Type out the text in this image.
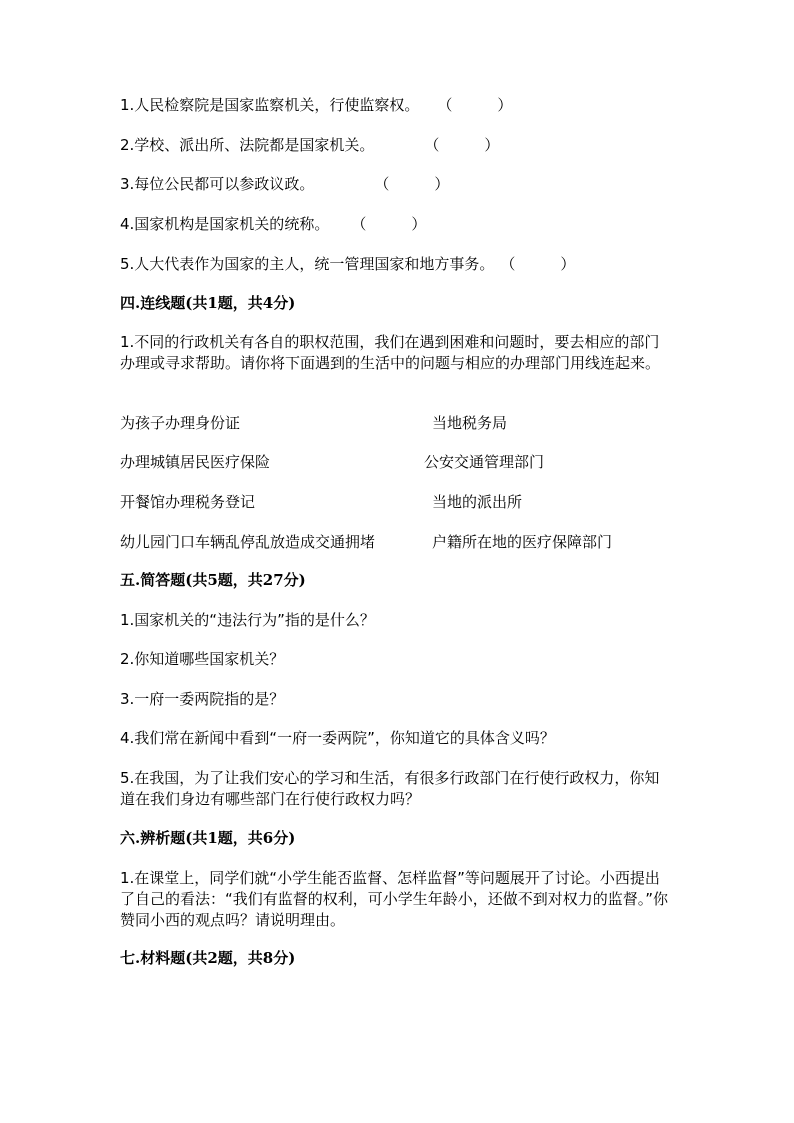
1.人民检察院是国家监察机关，行使监察权。 （　　　）
2.学校、派出所、法院都是国家机关。	（　　　）
3.每位公民都可以参政议政。	（　　　）
4.国家机构是国家机关的统称。 （　　　）
5.人大代表作为国家的主人，统一管理国家和地方事务。 （　　　）
四.连线题(共1题，共4分)
1.不同的行政机关有各自的职权范围，我们在遇到困难和问题时，要去相应的部门办理或寻求帮助。请你将下面遇到的生活中的问题与相应的办理部门用线连起来。
为孩子办理身份证
办理城镇居民医疗保险
开餐馆办理税务登记
幼儿园门口车辆乱停乱放造成交通拥堵
当地税务局
公安交通管理部门
当地的派出所
户籍所在地的医疗保障部门
五.简答题(共5题，共27分)
1.国家机关的“违法行为”指的是什么？
2.你知道哪些国家机关？
3.一府一委两院指的是？
4.我们常在新闻中看到“一府一委两院”，你知道它的具体含义吗？
5.在我国，为了让我们安心的学习和生活，有很多行政部门在行使行政权力，你知道在我们身边有哪些部门在行使行政权力吗？
六.辨析题(共1题，共6分)
1.在课堂上，同学们就“小学生能否监督、怎样监督”等问题展开了讨论。小西提出了自己的看法：“我们有监督的权利，可小学生年龄小，还做不到对权力的监督。”你赞同小西的观点吗？请说明理由。
七.材料题(共2题，共8分)
